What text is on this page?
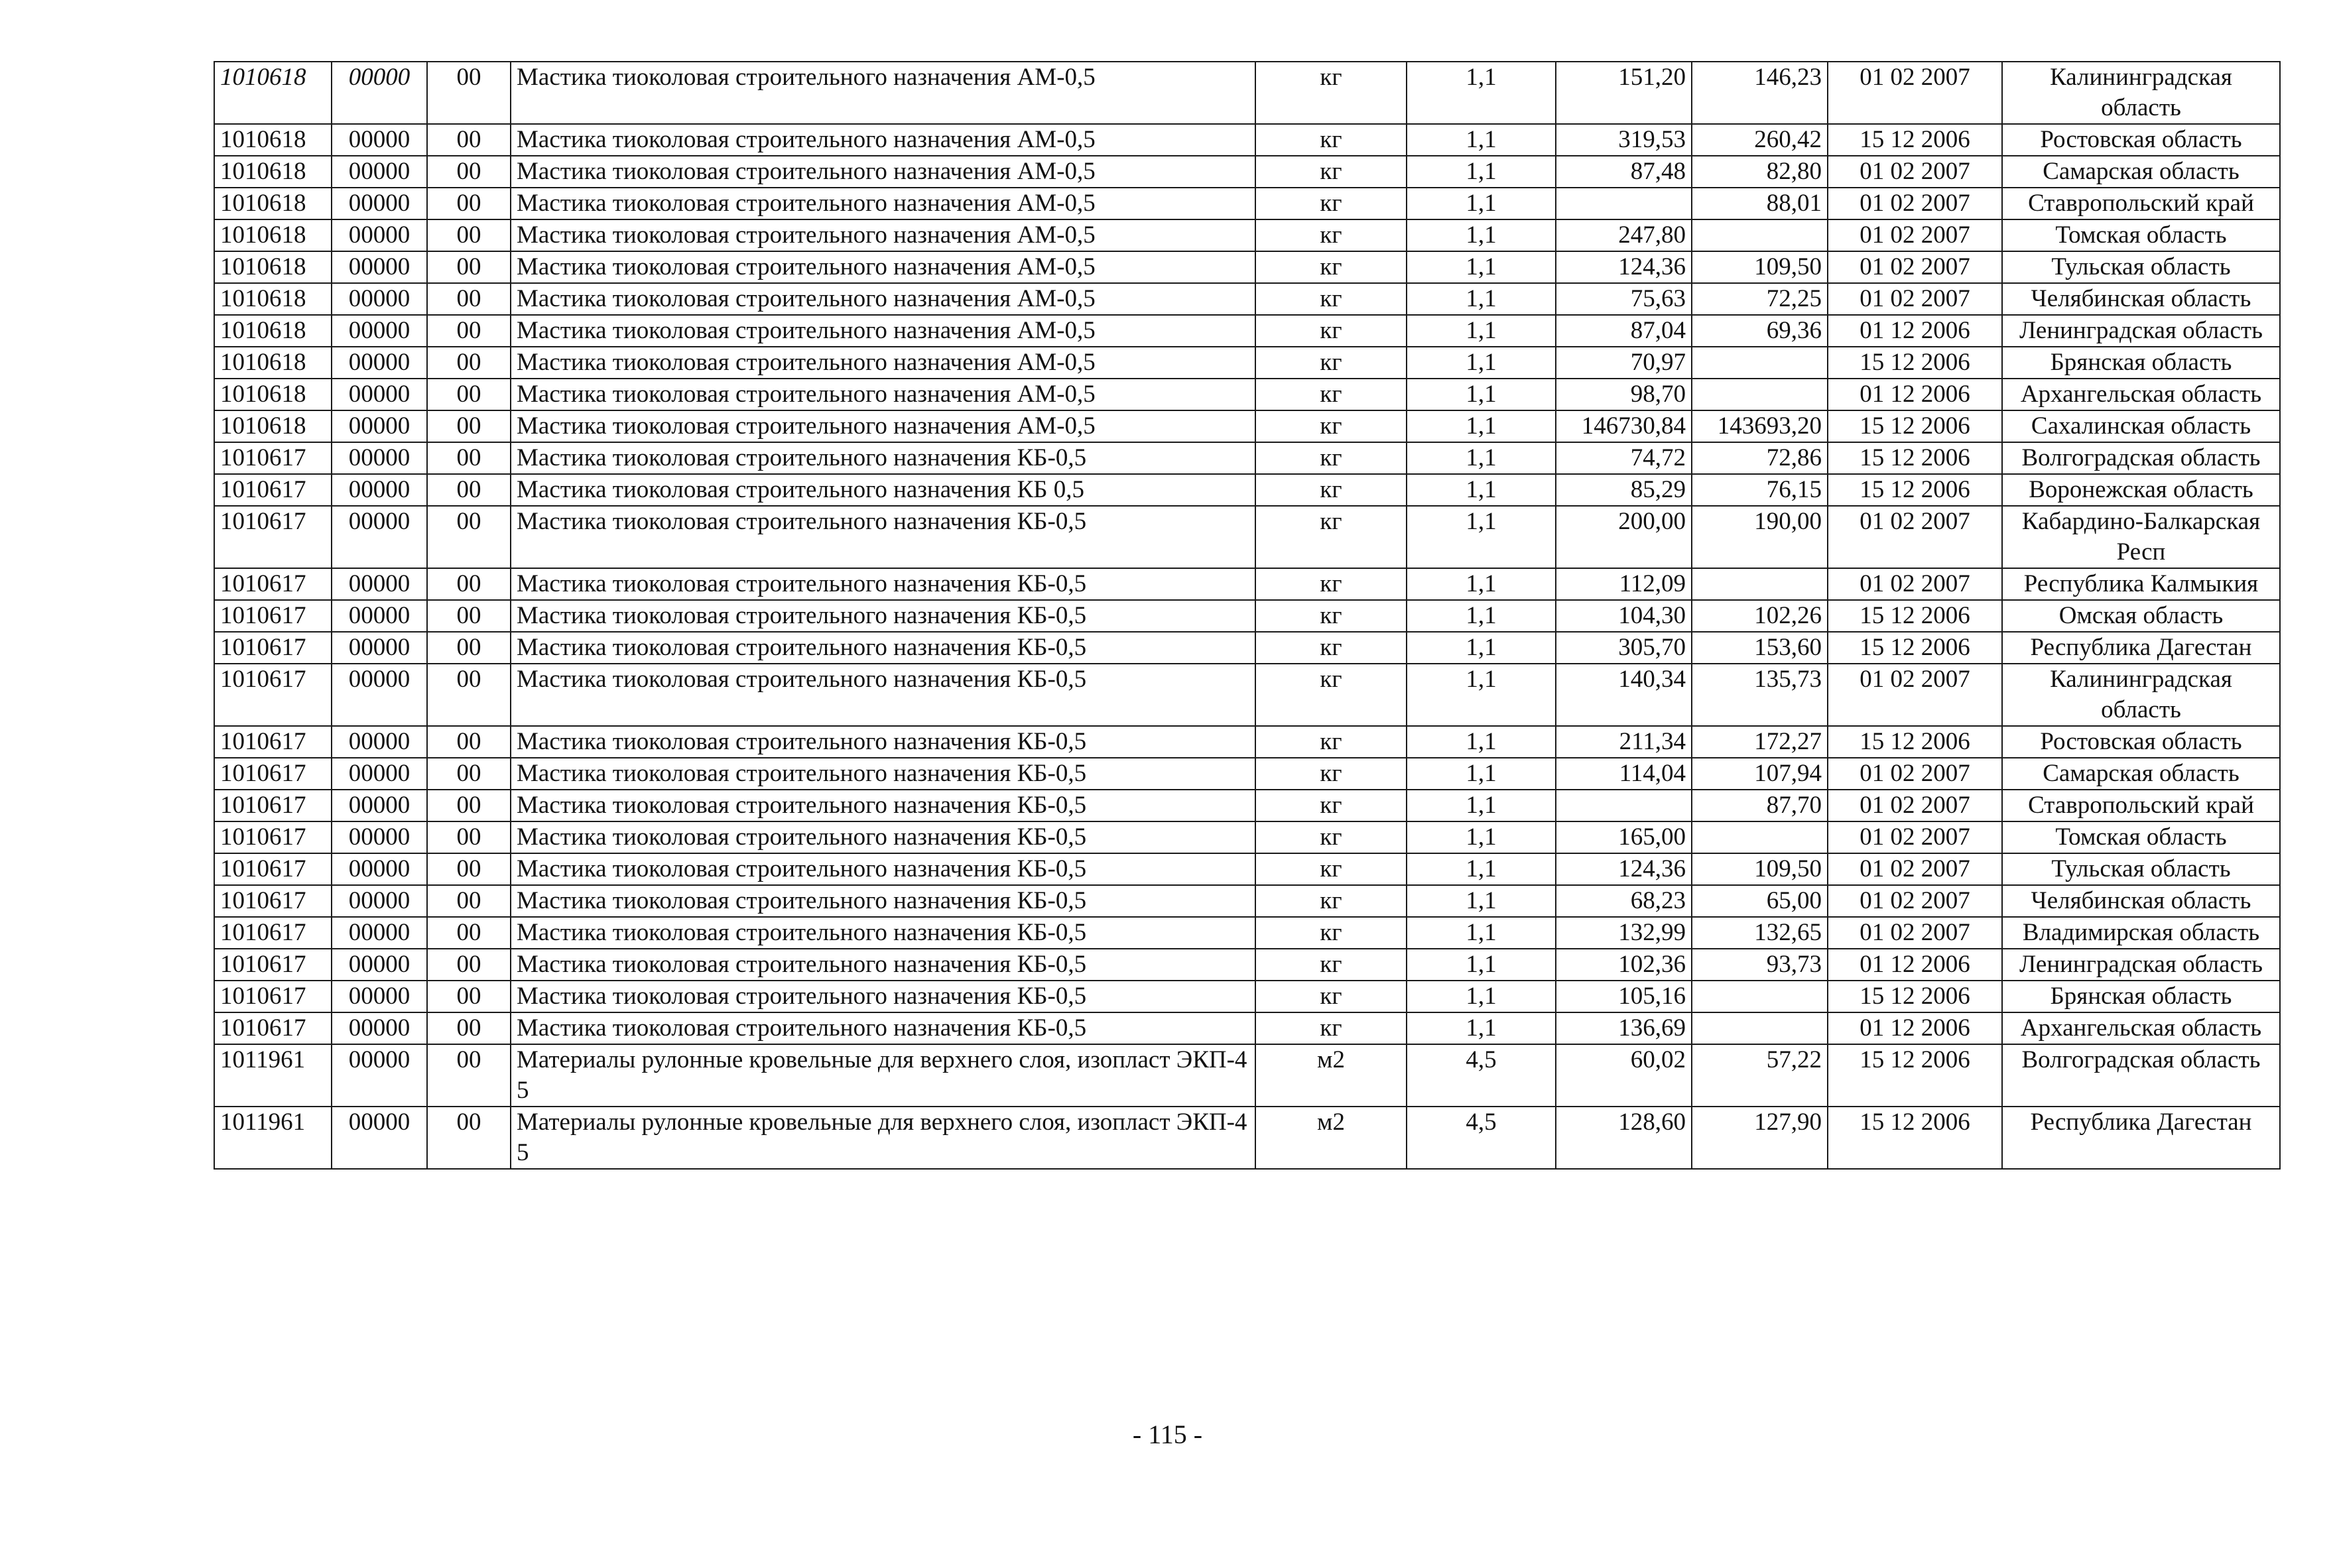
1010618	00000	00	Мастика тиоколовая строительного назначения АМ-0,5	кг	1,1	151,20	146,23	01 02 2007	Калининградская область
1010618	00000	00	Мастика тиоколовая строительного назначения АМ-0,5	кг	1,1	319,53	260,42	15 12 2006	Ростовская область
1010618	00000	00	Мастика тиоколовая строительного назначения АМ-0,5	кг	1,1	87,48	82,80	01 02 2007	Самарская область
1010618	00000	00	Мастика тиоколовая строительного назначения АМ-0,5	кг	1,1		88,01	01 02 2007	Ставропольский край
1010618	00000	00	Мастика тиоколовая строительного назначения АМ-0,5	кг	1,1	247,80		01 02 2007	Томская область
1010618	00000	00	Мастика тиоколовая строительного назначения АМ-0,5	кг	1,1	124,36	109,50	01 02 2007	Тульская область
1010618	00000	00	Мастика тиоколовая строительного назначения АМ-0,5	кг	1,1	75,63	72,25	01 02 2007	Челябинская область
1010618	00000	00	Мастика тиоколовая строительного назначения АМ-0,5	кг	1,1	87,04	69,36	01 12 2006	Ленинградская область
1010618	00000	00	Мастика тиоколовая строительного назначения АМ-0,5	кг	1,1	70,97		15 12 2006	Брянская область
1010618	00000	00	Мастика тиоколовая строительного назначения АМ-0,5	кг	1,1	98,70		01 12 2006	Архангельская область
1010618	00000	00	Мастика тиоколовая строительного назначения АМ-0,5	кг	1,1	146730,84	143693,20	15 12 2006	Сахалинская область
1010617	00000	00	Мастика тиоколовая строительного назначения КБ-0,5	кг	1,1	74,72	72,86	15 12 2006	Волгоградская область
1010617	00000	00	Мастика тиоколовая строительного назначения КБ 0,5	кг	1,1	85,29	76,15	15 12 2006	Воронежская область
1010617	00000	00	Мастика тиоколовая строительного назначения КБ-0,5	кг	1,1	200,00	190,00	01 02 2007	Кабардино-Балкарская Респ
1010617	00000	00	Мастика тиоколовая строительного назначения КБ-0,5	кг	1,1	112,09		01 02 2007	Республика Калмыкия
1010617	00000	00	Мастика тиоколовая строительного назначения КБ-0,5	кг	1,1	104,30	102,26	15 12 2006	Омская область
1010617	00000	00	Мастика тиоколовая строительного назначения КБ-0,5	кг	1,1	305,70	153,60	15 12 2006	Республика Дагестан
1010617	00000	00	Мастика тиоколовая строительного назначения КБ-0,5	кг	1,1	140,34	135,73	01 02 2007	Калининградская область
1010617	00000	00	Мастика тиоколовая строительного назначения КБ-0,5	кг	1,1	211,34	172,27	15 12 2006	Ростовская область
1010617	00000	00	Мастика тиоколовая строительного назначения КБ-0,5	кг	1,1	114,04	107,94	01 02 2007	Самарская область
1010617	00000	00	Мастика тиоколовая строительного назначения КБ-0,5	кг	1,1		87,70	01 02 2007	Ставропольский край
1010617	00000	00	Мастика тиоколовая строительного назначения КБ-0,5	кг	1,1	165,00		01 02 2007	Томская область
1010617	00000	00	Мастика тиоколовая строительного назначения КБ-0,5	кг	1,1	124,36	109,50	01 02 2007	Тульская область
1010617	00000	00	Мастика тиоколовая строительного назначения КБ-0,5	кг	1,1	68,23	65,00	01 02 2007	Челябинская область
1010617	00000	00	Мастика тиоколовая строительного назначения КБ-0,5	кг	1,1	132,99	132,65	01 02 2007	Владимирская область
1010617	00000	00	Мастика тиоколовая строительного назначения КБ-0,5	кг	1,1	102,36	93,73	01 12 2006	Ленинградская область
1010617	00000	00	Мастика тиоколовая строительного назначения КБ-0,5	кг	1,1	105,16		15 12 2006	Брянская область
1010617	00000	00	Мастика тиоколовая строительного назначения КБ-0,5	кг	1,1	136,69		01 12 2006	Архангельская область
1011961	00000	00	Материалы рулонные кровельные для верхнего слоя, изопласт ЭКП-4 5	м2	4,5	60,02	57,22	15 12 2006	Волгоградская область
1011961	00000	00	Материалы рулонные кровельные для верхнего слоя, изопласт ЭКП-4 5	м2	4,5	128,60	127,90	15 12 2006	Республика Дагестан
- 115 -
